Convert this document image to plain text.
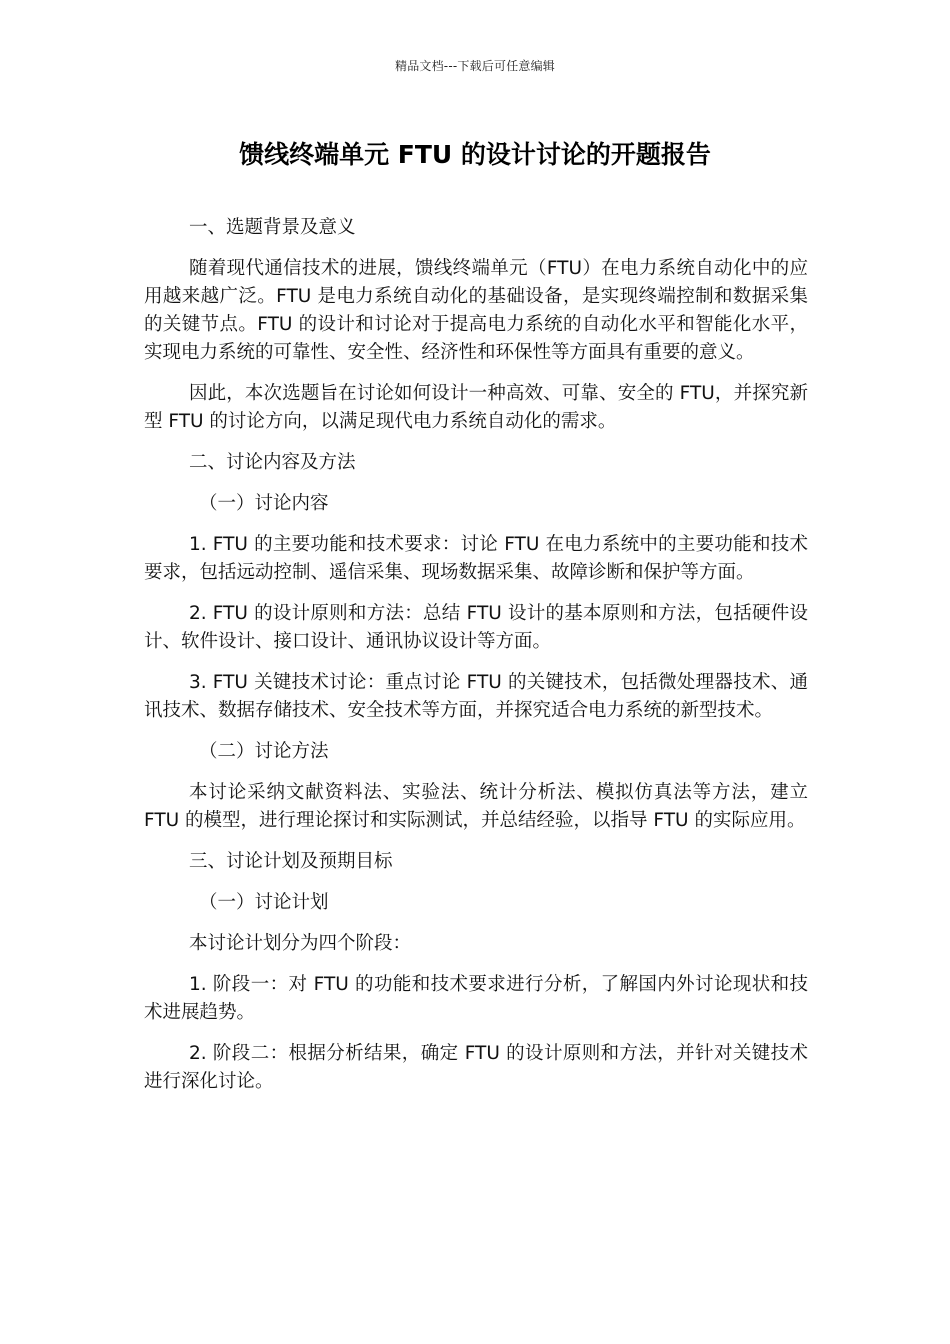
精品文档---下载后可任意编辑
馈线终端单元 FTU 的设计讨论的开题报告

一、选题背景及意义

随着现代通信技术的进展，馈线终端单元（FTU）在电力系统自动化中的应用越来越广泛。FTU 是电力系统自动化的基础设备，是实现终端控制和数据采集的关键节点。FTU 的设计和讨论对于提高电力系统的自动化水平和智能化水平，实现电力系统的可靠性、安全性、经济性和环保性等方面具有重要的意义。

因此，本次选题旨在讨论如何设计一种高效、可靠、安全的 FTU，并探究新型 FTU 的讨论方向，以满足现代电力系统自动化的需求。

二、讨论内容及方法

（一）讨论内容

1. FTU 的主要功能和技术要求：讨论 FTU 在电力系统中的主要功能和技术要求，包括远动控制、遥信采集、现场数据采集、故障诊断和保护等方面。

2. FTU 的设计原则和方法：总结 FTU 设计的基本原则和方法，包括硬件设计、软件设计、接口设计、通讯协议设计等方面。

3. FTU 关键技术讨论：重点讨论 FTU 的关键技术，包括微处理器技术、通讯技术、数据存储技术、安全技术等方面，并探究适合电力系统的新型技术。

（二）讨论方法

本讨论采纳文献资料法、实验法、统计分析法、模拟仿真法等方法，建立 FTU 的模型，进行理论探讨和实际测试，并总结经验，以指导 FTU 的实际应用。

三、讨论计划及预期目标

（一）讨论计划

本讨论计划分为四个阶段：

1. 阶段一：对 FTU 的功能和技术要求进行分析，了解国内外讨论现状和技术进展趋势。

2. 阶段二：根据分析结果，确定 FTU 的设计原则和方法，并针对关键技术进行深化讨论。
